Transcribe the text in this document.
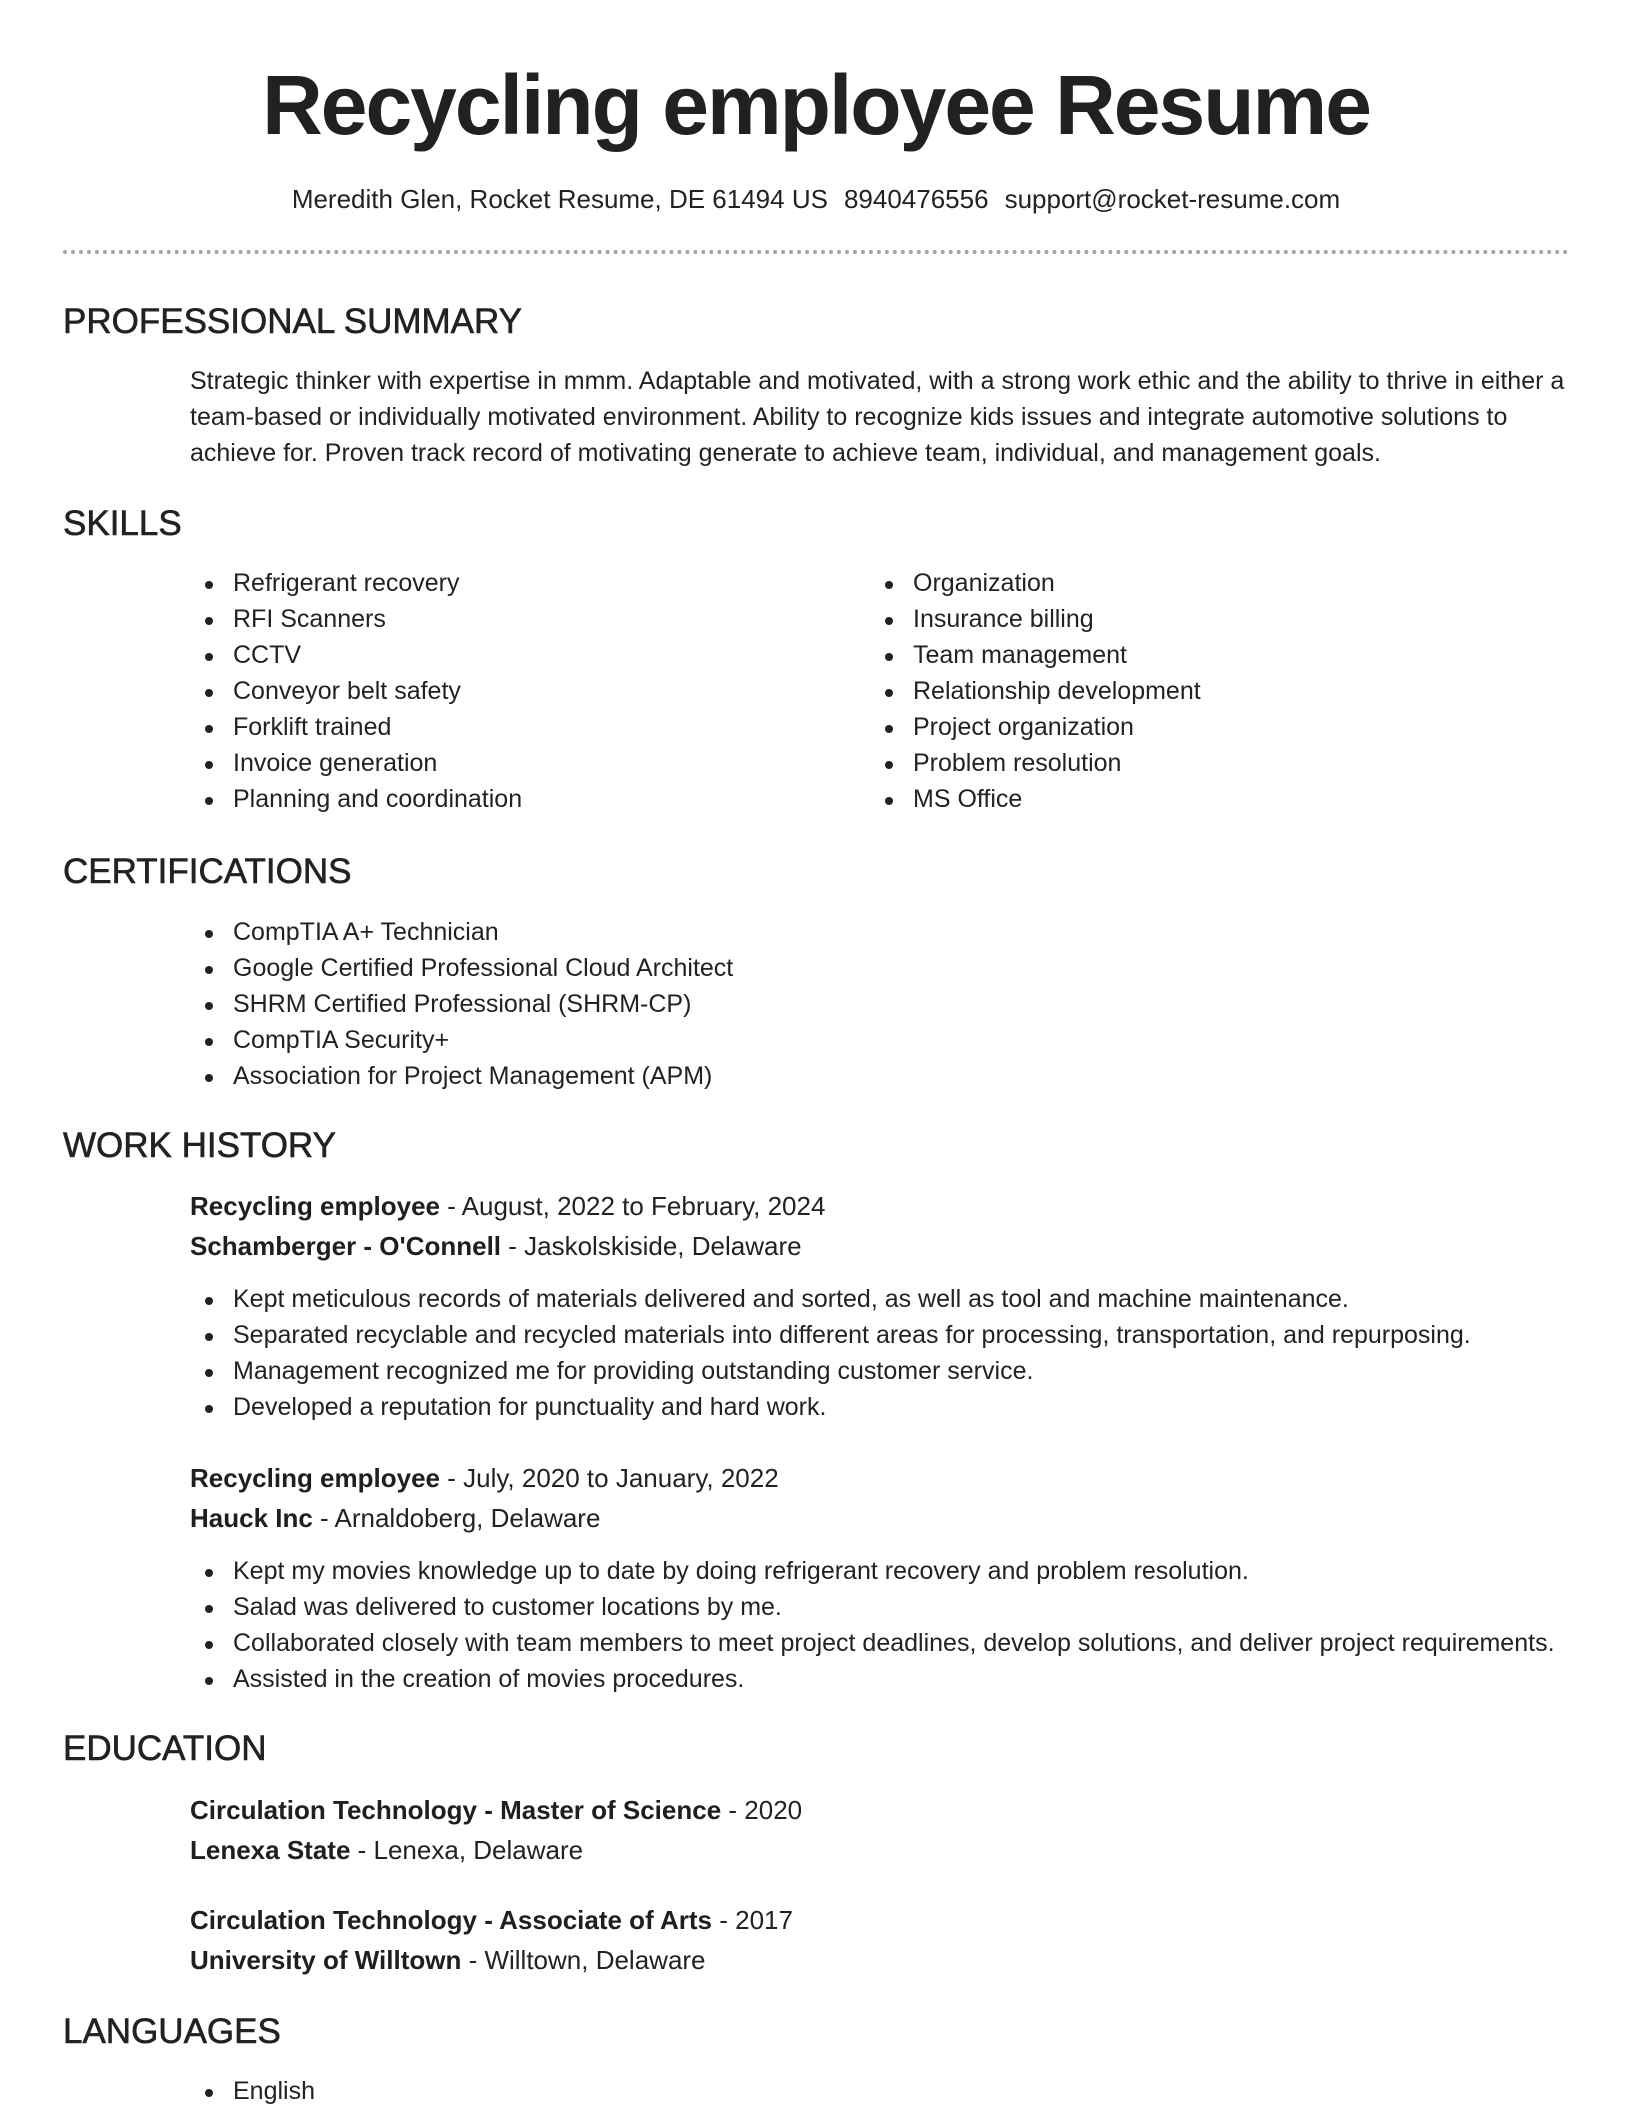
Recycling employee Resume
Meredith Glen, Rocket Resume, DE 61494 US 8940476556 support@rocket-resume.com
PROFESSIONAL SUMMARY

Strategic thinker with expertise in mmm. Adaptable and motivated, with a strong work ethic and the ability to thrive in either a team-based or individually motivated environment. Ability to recognize kids issues and integrate automotive solutions to achieve for. Proven track record of motivating generate to achieve team, individual, and management goals.

SKILLS
Refrigerant recovery
RFI Scanners
CCTV
Conveyor belt safety
Forklift trained
Invoice generation
Planning and coordination
Organization
Insurance billing
Team management
Relationship development
Project organization
Problem resolution
MS Office
CERTIFICATIONS
CompTIA A+ Technician
Google Certified Professional Cloud Architect
SHRM Certified Professional (SHRM-CP)
CompTIA Security+
Association for Project Management (APM)
WORK HISTORY
Recycling employee - August, 2022 to February, 2024
Schamberger - O'Connell - Jaskolskiside, Delaware
Kept meticulous records of materials delivered and sorted, as well as tool and machine maintenance.
Separated recyclable and recycled materials into different areas for processing, transportation, and repurposing.
Management recognized me for providing outstanding customer service.
Developed a reputation for punctuality and hard work.
Recycling employee - July, 2020 to January, 2022
Hauck Inc - Arnaldoberg, Delaware
Kept my movies knowledge up to date by doing refrigerant recovery and problem resolution.
Salad was delivered to customer locations by me.
Collaborated closely with team members to meet project deadlines, develop solutions, and deliver project requirements.
Assisted in the creation of movies procedures.
EDUCATION
Circulation Technology - Master of Science - 2020
Lenexa State - Lenexa, Delaware
Circulation Technology - Associate of Arts - 2017
University of Willtown - Willtown, Delaware
LANGUAGES
English
